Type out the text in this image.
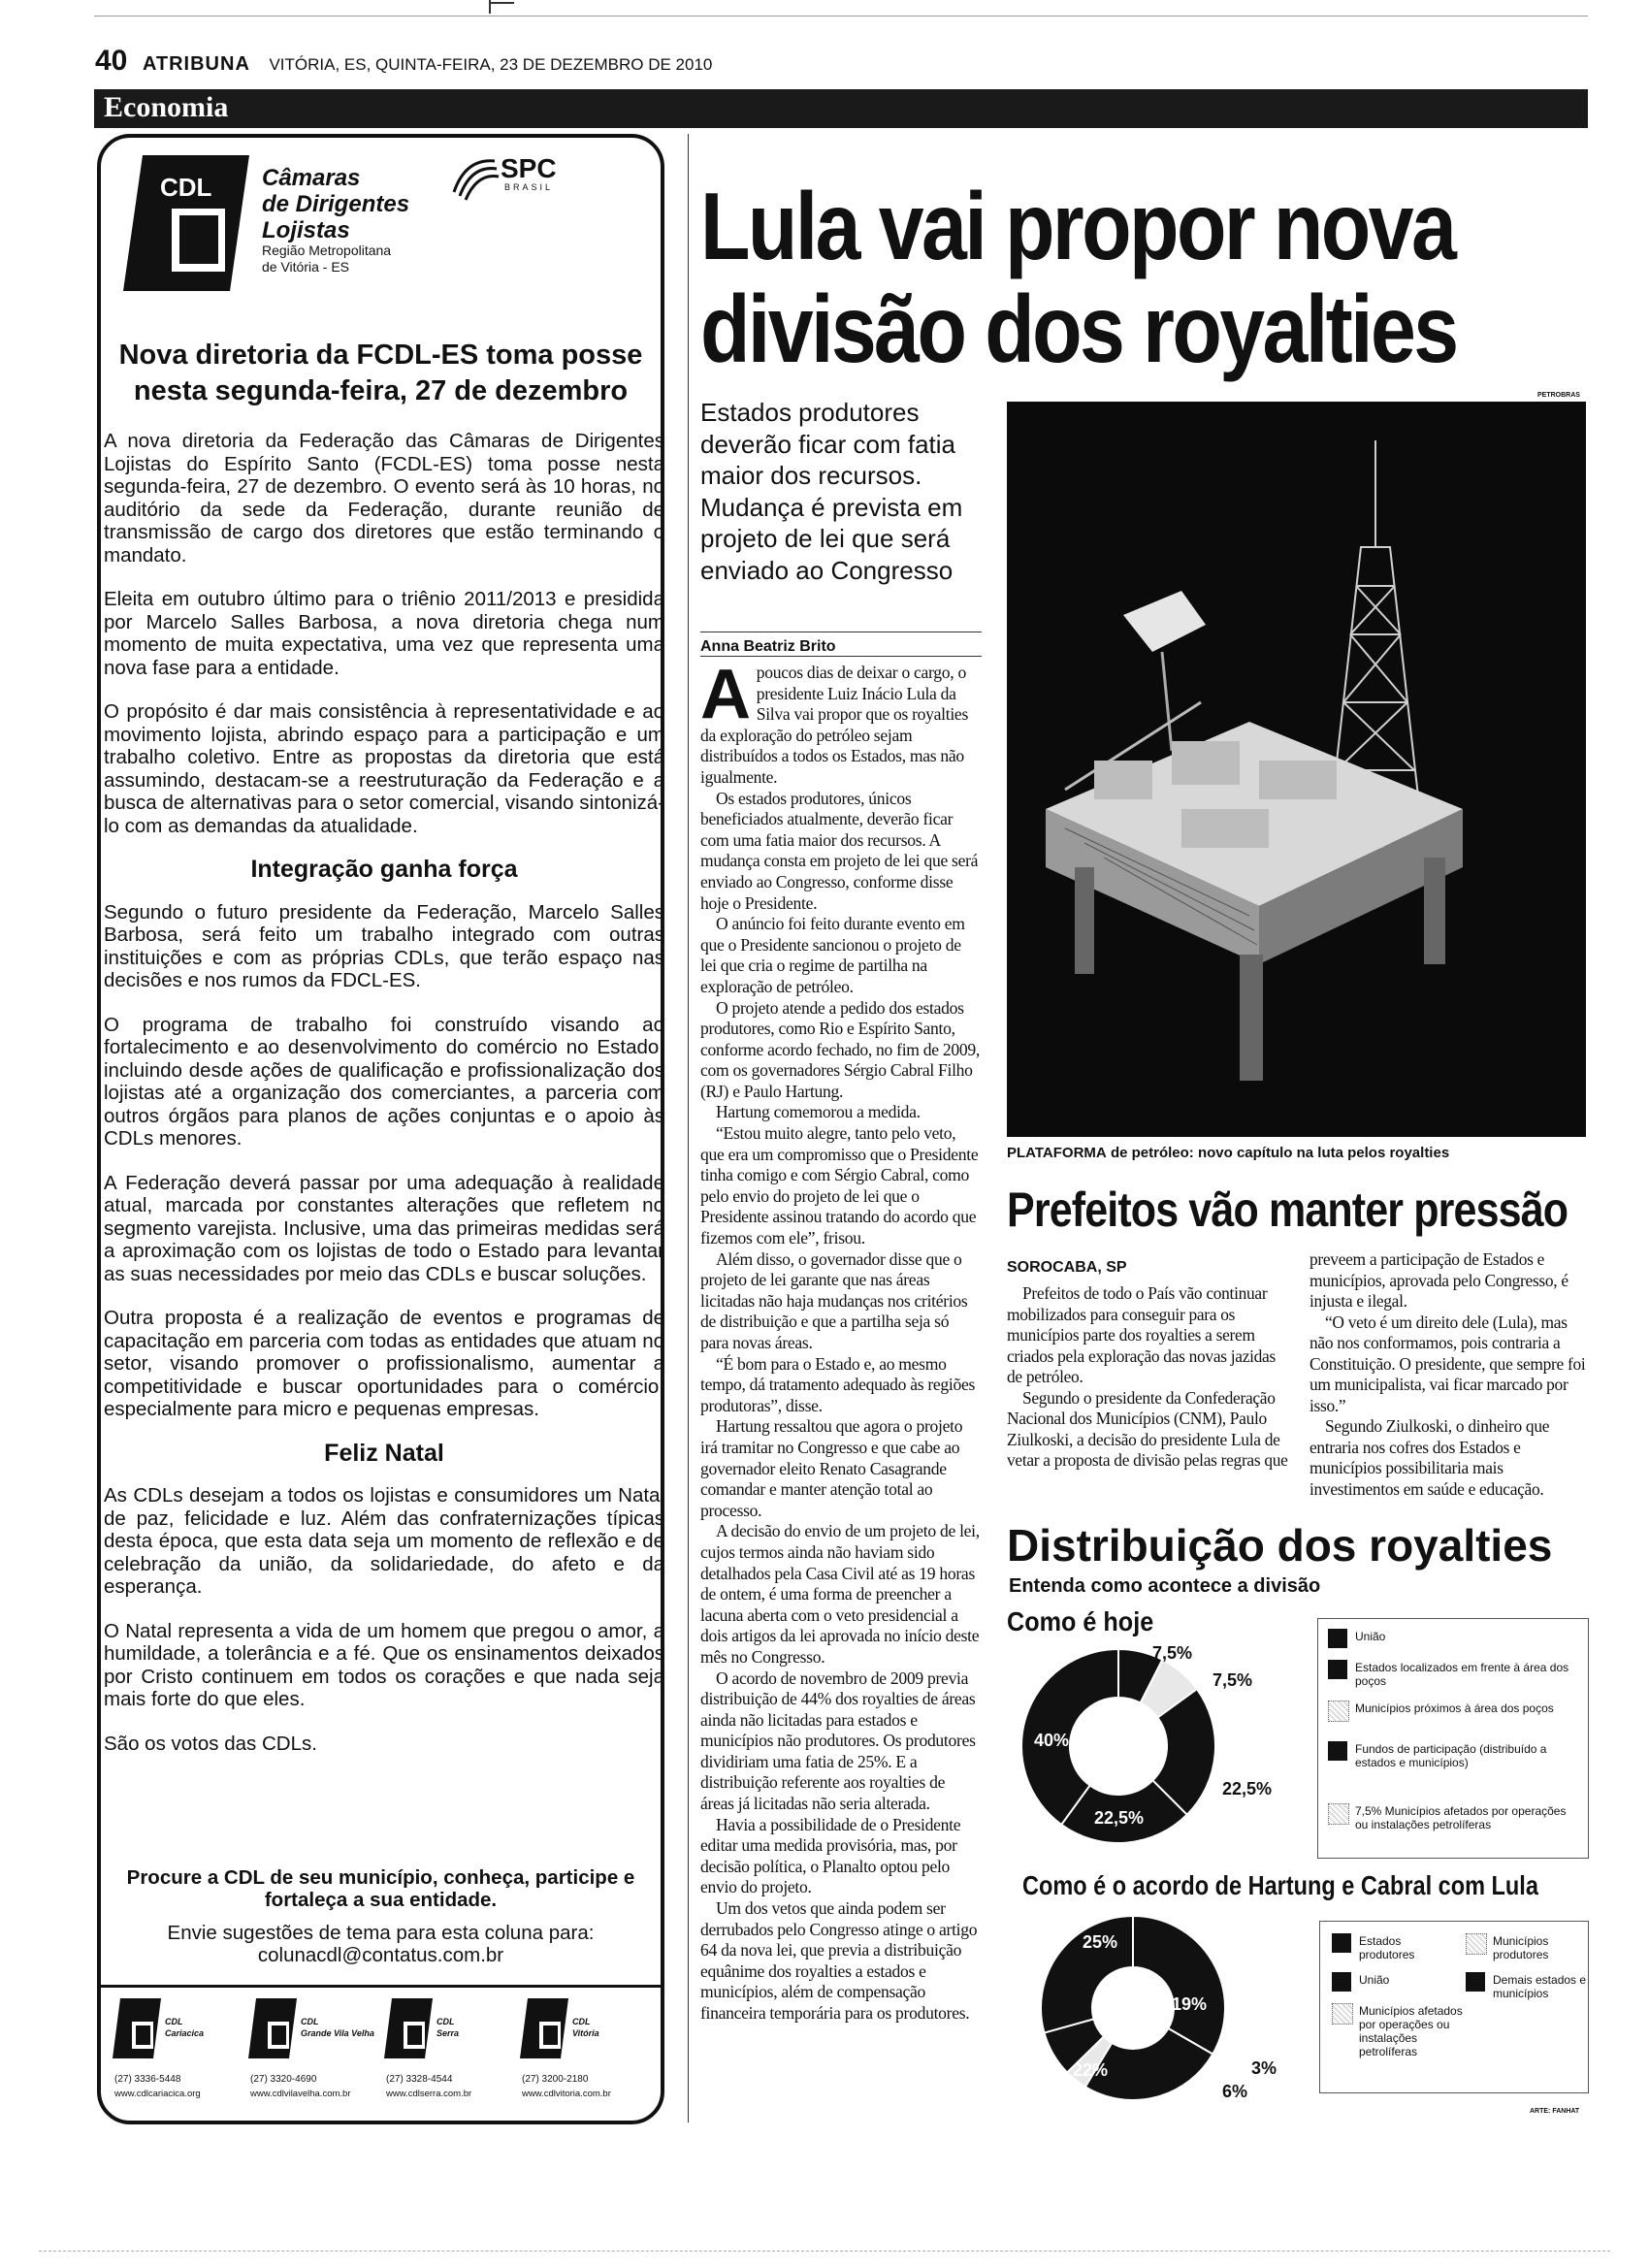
40 ATRIBUNA VITÓRIA, ES, QUINTA-FEIRA, 23 DE DEZEMBRO DE 2010
Economia
CDL Câmaras
de Dirigentes
Lojistas
Região Metropolitana
de Vitória - ES
SPC
BRASIL
Nova diretoria da FCDL-ES toma posse nesta segunda-feira, 27 de dezembro

A nova diretoria da Federação das Câmaras de Dirigentes Lojistas do Espírito Santo (FCDL-ES) toma posse nesta segunda-feira, 27 de dezembro. O evento será às 10 horas, no auditório da sede da Federação, durante reunião de transmissão de cargo dos diretores que estão terminando o mandato.

Eleita em outubro último para o triênio 2011/2013 e presidida por Marcelo Salles Barbosa, a nova diretoria chega num momento de muita expectativa, uma vez que representa uma nova fase para a entidade.

O propósito é dar mais consistência à representatividade e ao movimento lojista, abrindo espaço para a participação e um trabalho coletivo. Entre as propostas da diretoria que está assumindo, destacam-se a reestruturação da Federação e a busca de alternativas para o setor comercial, visando sintonizá-lo com as demandas da atualidade.

Integração ganha força

Segundo o futuro presidente da Federação, Marcelo Salles Barbosa, será feito um trabalho integrado com outras instituições e com as próprias CDLs, que terão espaço nas decisões e nos rumos da FDCL-ES.

O programa de trabalho foi construído visando ao fortalecimento e ao desenvolvimento do comércio no Estado, incluindo desde ações de qualificação e profissionalização dos lojistas até a organização dos comerciantes, a parceria com outros órgãos para planos de ações conjuntas e o apoio às CDLs menores.

A Federação deverá passar por uma adequação à realidade atual, marcada por constantes alterações que refletem no segmento varejista. Inclusive, uma das primeiras medidas será a aproximação com os lojistas de todo o Estado para levantar as suas necessidades por meio das CDLs e buscar soluções.

Outra proposta é a realização de eventos e programas de capacitação em parceria com todas as entidades que atuam no setor, visando promover o profissionalismo, aumentar a competitividade e buscar oportunidades para o comércio, especialmente para micro e pequenas empresas.

Feliz Natal

As CDLs desejam a todos os lojistas e consumidores um Natal de paz, felicidade e luz. Além das confraternizações típicas desta época, que esta data seja um momento de reflexão e de celebração da união, da solidariedade, do afeto e da esperança.

O Natal representa a vida de um homem que pregou o amor, a humildade, a tolerância e a fé. Que os ensinamentos deixados por Cristo continuem em todos os corações e que nada seja mais forte do que eles.

São os votos das CDLs.

Procure a CDL de seu município, conheça, participe e fortaleça a sua entidade.
Envie sugestões de tema para esta coluna para:
colunacdl@contatus.com.br
CDL
Cariacica
(27) 3336-5448
www.cdlcariacica.org
CDL
Grande Vila Velha
(27) 3320-4690
www.cdlvilavelha.com.br
CDL
Serra
(27) 3328-4544
www.cdlserra.com.br
CDL
Vitória
(27) 3200-2180
www.cdlvitoria.com.br
Lula vai propor nova
divisão dos royalties
PETROBRAS
Estados produtores deverão ficar com fatia maior dos recursos. Mudança é prevista em projeto de lei que será enviado ao Congresso
Anna Beatriz Brito

Apoucos dias de deixar o cargo, o presidente Luiz Inácio Lula da Silva vai propor que os royalties da exploração do petróleo sejam distribuídos a todos os Estados, mas não igualmente.

Os estados produtores, únicos beneficiados atualmente, deverão ficar com uma fatia maior dos recursos. A mudança consta em projeto de lei que será enviado ao Congresso, conforme disse hoje o Presidente.

O anúncio foi feito durante evento em que o Presidente sancionou o projeto de lei que cria o regime de partilha na exploração de petróleo.

O projeto atende a pedido dos estados produtores, como Rio e Espírito Santo, conforme acordo fechado, no fim de 2009, com os governadores Sérgio Cabral Filho (RJ) e Paulo Hartung.

Hartung comemorou a medida.

“Estou muito alegre, tanto pelo veto, que era um compromisso que o Presidente tinha comigo e com Sérgio Cabral, como pelo envio do projeto de lei que o Presidente assinou tratando do acordo que fizemos com ele”, frisou.

Além disso, o governador disse que o projeto de lei garante que nas áreas licitadas não haja mudanças nos critérios de distribuição e que a partilha seja só para novas áreas.

“É bom para o Estado e, ao mesmo tempo, dá tratamento adequado às regiões produtoras”, disse.

Hartung ressaltou que agora o projeto irá tramitar no Congresso e que cabe ao governador eleito Renato Casagrande comandar e manter atenção total ao processo.

A decisão do envio de um projeto de lei, cujos termos ainda não haviam sido detalhados pela Casa Civil até as 19 horas de ontem, é uma forma de preencher a lacuna aberta com o veto presidencial a dois artigos da lei aprovada no início deste mês no Congresso.

O acordo de novembro de 2009 previa distribuição de 44% dos royalties de áreas ainda não licitadas para estados e municípios não produtores. Os produtores dividiriam uma fatia de 25%. E a distribuição referente aos royalties de áreas já licitadas não seria alterada.

Havia a possibilidade de o Presidente editar uma medida provisória, mas, por decisão política, o Planalto optou pelo envio do projeto.

Um dos vetos que ainda podem ser derrubados pelo Congresso atinge o artigo 64 da nova lei, que previa a distribuição equânime dos royalties a estados e municípios, além de compensação financeira temporária para os produtores.

PLATAFORMA de petróleo: novo capítulo na luta pelos royalties
Prefeitos vão manter pressão
SOROCABA, SP

Prefeitos de todo o País vão continuar mobilizados para conseguir para os municípios parte dos royalties a serem criados pela exploração das novas jazidas de petróleo.

Segundo o presidente da Confederação Nacional dos Municípios (CNM), Paulo Ziulkoski, a decisão do presidente Lula de vetar a proposta de divisão pelas regras que

preveem a participação de Estados e municípios, aprovada pelo Congresso, é injusta e ilegal.

“O veto é um direito dele (Lula), mas não nos conformamos, pois contraria a Constituição. O presidente, que sempre foi um municipalista, vai ficar marcado por isso.”

Segundo Ziulkoski, o dinheiro que entraria nos cofres dos Estados e municípios possibilitaria mais investimentos em saúde e educação.

Distribuição dos royalties
Entenda como acontece a divisão
Como é hoje
7,5%
7,5%
22,5%
22,5%
40%
União
Estados localizados em frente à área dos poços
Municípios próximos à área dos poços
Fundos de participação (distribuído a estados e municípios)
7,5% Municípios afetados por operações ou instalações petrolíferas
Como é o acordo de Hartung e Cabral com Lula
25%
19%
3%
6%
22%
Estados produtores
Municípios produtores
União	Demais estados e municípios
Municípios afetados por operações ou instalações petrolíferas
ARTE: FANHAT
